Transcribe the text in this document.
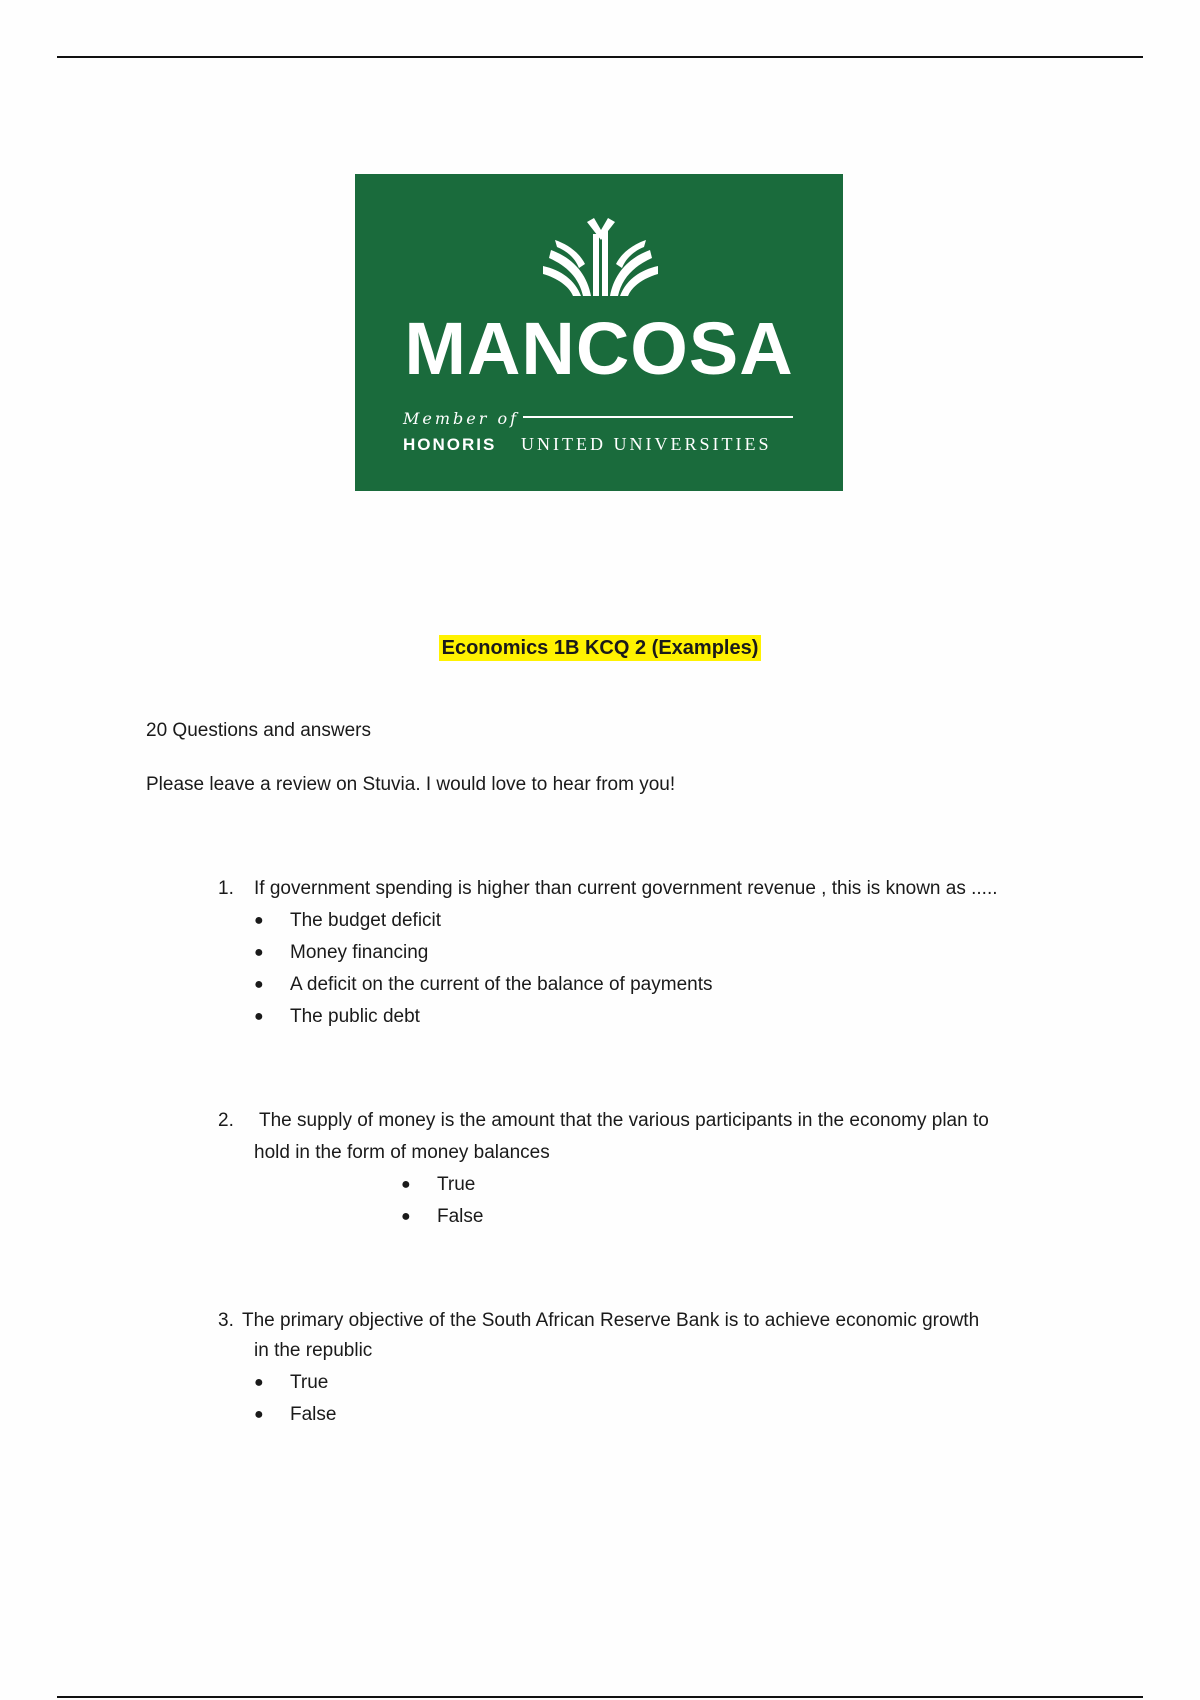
MANCOSA
Member of
HONORIS UNITED UNIVERSITIES
Economics 1B KCQ 2 (Examples)
20 Questions and answers
Please leave a review on Stuvia. I would love to hear from you!
1. If government spending is higher than current government revenue , this is known as .....
● The budget deficit
● Money financing
● A deficit on the current of the balance of payments
● The public debt
2. The supply of money is the amount that the various participants in the economy plan to
hold in the form of money balances
● True
● False
3. The primary objective of the South African Reserve Bank is to achieve economic growth
in the republic
● True
● False
